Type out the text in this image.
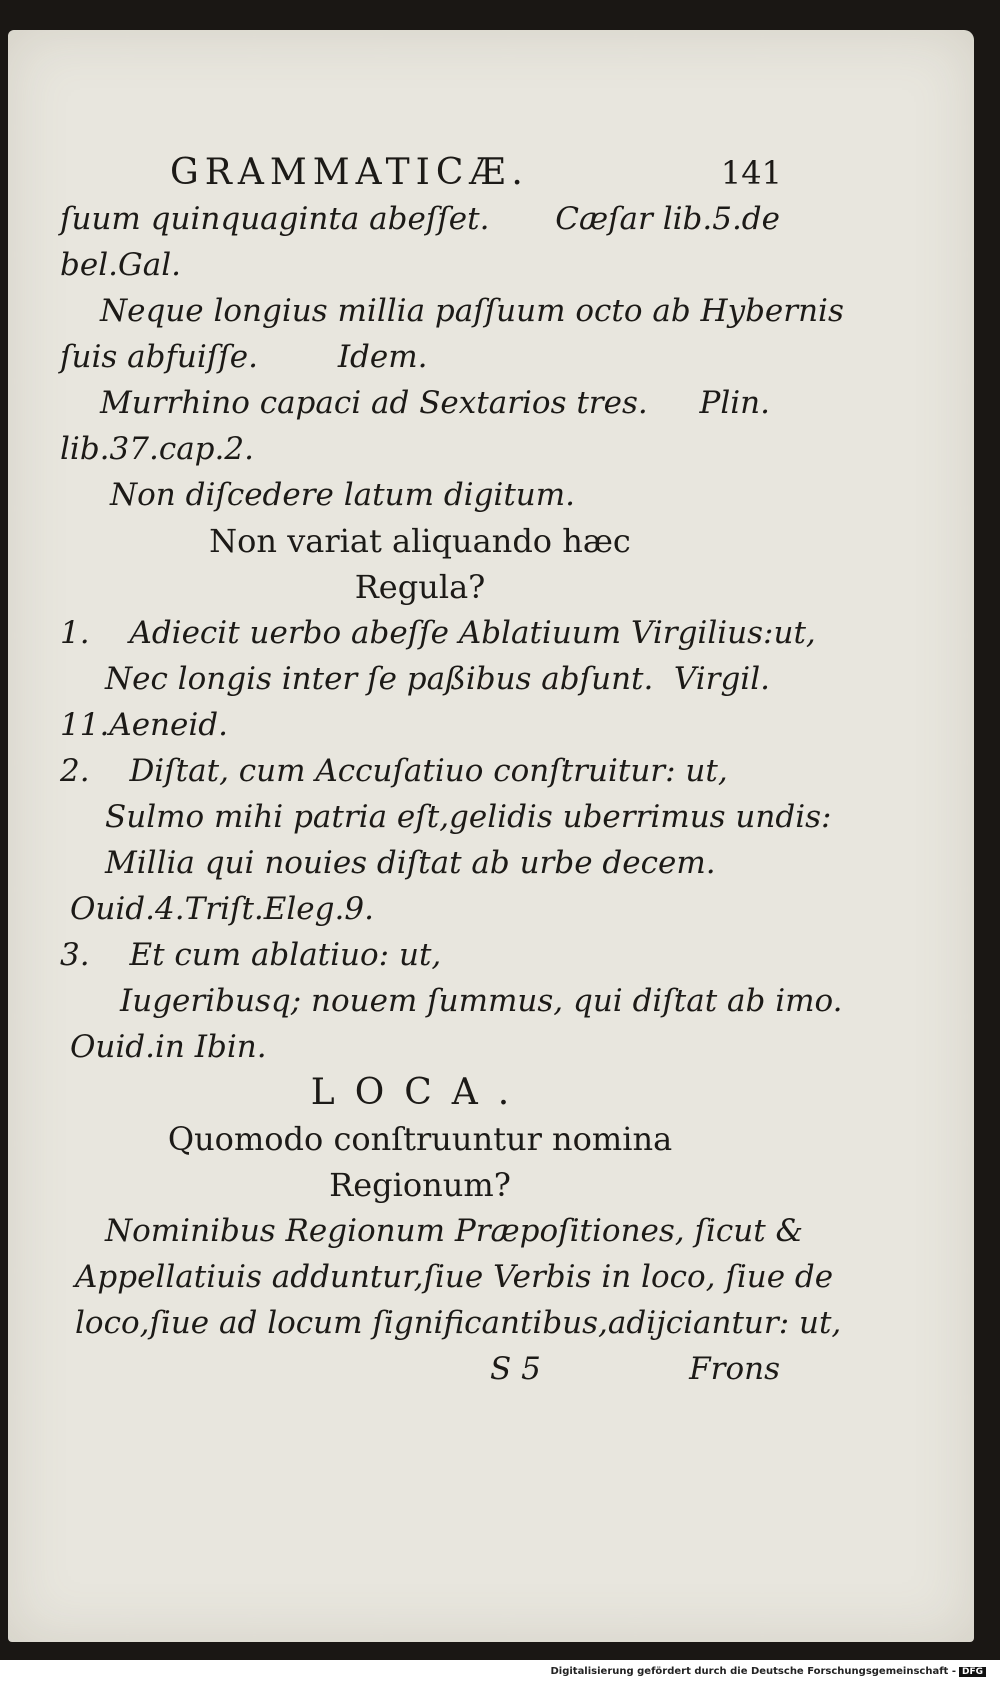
GRAMMATICÆ.	141
ſuum quinquaginta abeſſet. Cæſar lib.5.de
bel.Gal.
Neque longius millia paſſuum octo ab Hybernis
ſuis abfuiſſe.	Idem.
Murrhino capaci ad Sextarios tres. Plin.
lib.37.cap.2.
Non diſcedere latum digitum.
Non variat aliquando hæc
Regula?
1. Adiecit uerbo abeſſe Ablatiuum Virgilius:ut,
Nec longis inter ſe paßibus abſunt. Virgil.
11.Aeneid.
2. Diſtat, cum Accuſatiuo conſtruitur: ut,
Sulmo mihi patria eſt,gelidis uberrimus undis:
Millia qui nouies diſtat ab urbe decem.
Ouid.4.Triſt.Eleg.9.
3. Et cum ablatiuo: ut,
Iugeribusq; nouem ſummus, qui diſtat ab imo.
Ouid.in Ibin.
LOCA.
Quomodo conſtruuntur nomina
Regionum?
Nominibus Regionum Præpoſitiones, ſicut &
Appellatiuis adduntur,ſiue Verbis in loco, ſiue de
loco,ſiue ad locum ſignificantibus,adijciantur: ut,
S 5	Frons
Digitalisierung gefördert durch die Deutsche Forschungsgemeinschaft - DFG
